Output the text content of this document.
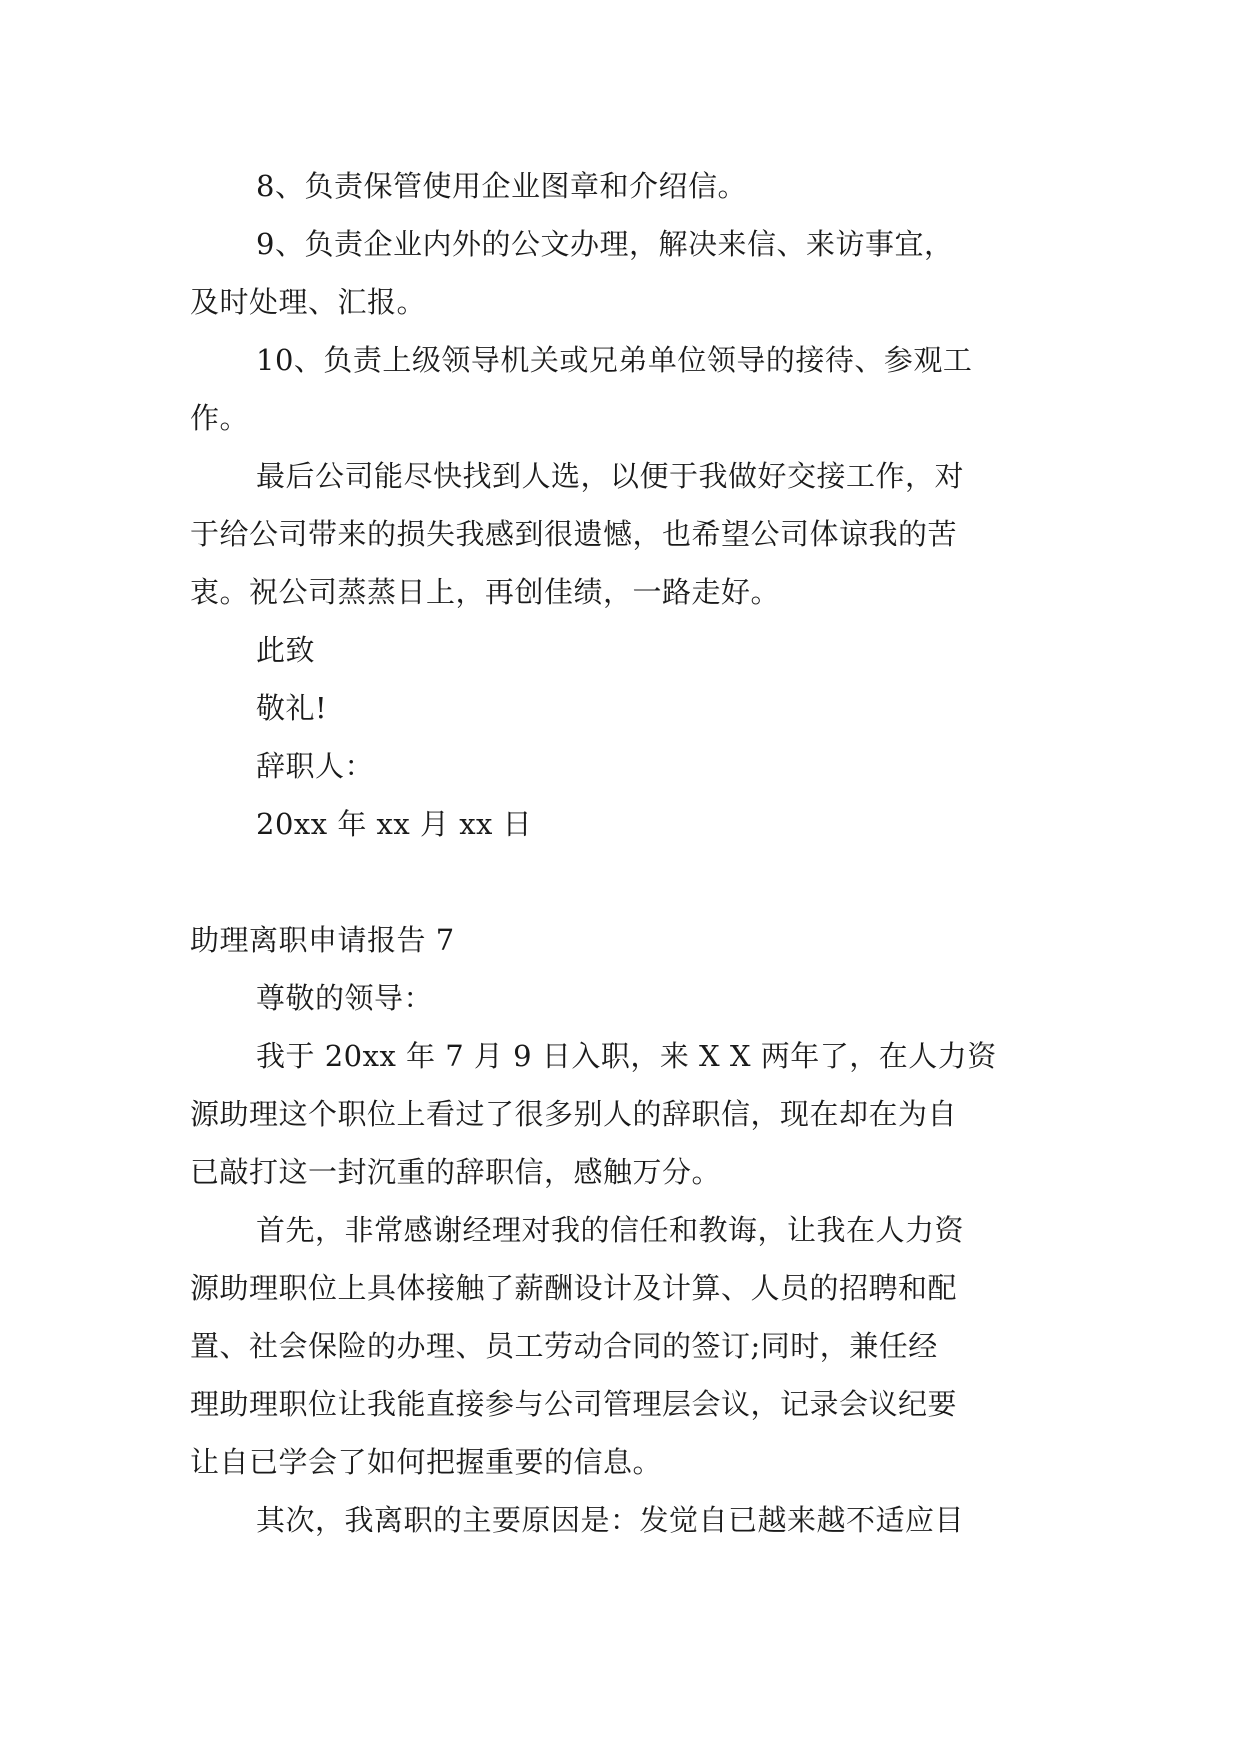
8、负责保管使用企业图章和介绍信。
9、负责企业内外的公文办理，解决来信、来访事宜，
及时处理、汇报。
10、负责上级领导机关或兄弟单位领导的接待、参观工
作。
最后公司能尽快找到人选，以便于我做好交接工作，对
于给公司带来的损失我感到很遗憾，也希望公司体谅我的苦
衷。祝公司蒸蒸日上，再创佳绩，一路走好。
此致
敬礼!
辞职人：
20xx 年 xx 月 xx 日
助理离职申请报告 7
尊敬的领导：
我于 20xx 年 7 月 9 日入职，来 X X 两年了，在人力资
源助理这个职位上看过了很多别人的辞职信，现在却在为自
已敲打这一封沉重的辞职信，感触万分。
首先，非常感谢经理对我的信任和教诲，让我在人力资
源助理职位上具体接触了薪酬设计及计算、人员的招聘和配
置、社会保险的办理、员工劳动合同的签订;同时，兼任经
理助理职位让我能直接参与公司管理层会议，记录会议纪要
让自已学会了如何把握重要的信息。
其次，我离职的主要原因是：发觉自已越来越不适应目
